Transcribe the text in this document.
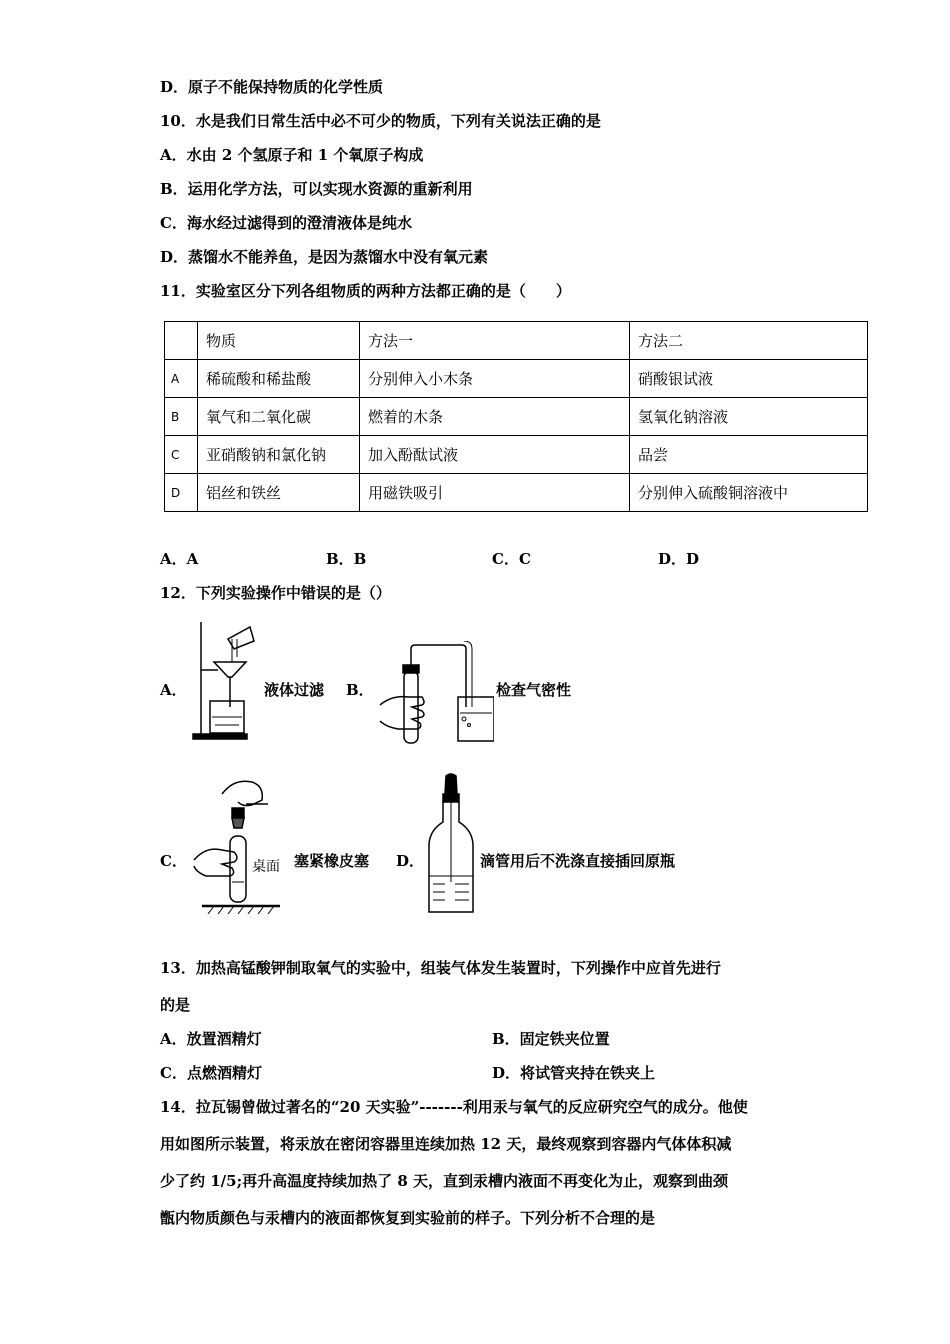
D．原子不能保持物质的化学性质
10．水是我们日常生活中必不可少的物质，下列有关说法正确的是
A．水由 2 个氢原子和 1 个氧原子构成
B．运用化学方法，可以实现水资源的重新利用
C．海水经过滤得到的澄清液体是纯水
D．蒸馏水不能养鱼，是因为蒸馏水中没有氧元素
11．实验室区分下列各组物质的两种方法都正确的是（　　）
	物质	方法一	方法二
A	稀硫酸和稀盐酸	分别伸入小木条	硝酸银试液
B	氧气和二氧化碳	燃着的木条	氢氧化钠溶液
C	亚硝酸钠和氯化钠	加入酚酞试液	品尝
D	铝丝和铁丝	用磁铁吸引	分别伸入硫酸铜溶液中
A．A	B．B	C．C	D．D
12．下列实验操作中错误的是（）
A．	液体过滤 B．	检查气密性
C．	桌面 塞紧橡皮塞 D．	滴管用后不洗涤直接插回原瓶
13．加热高锰酸钾制取氧气的实验中，组装气体发生装置时，下列操作中应首先进行
的是
A．放置酒精灯	B．固定铁夹位置
C．点燃酒精灯	D．将试管夹持在铁夹上
14．拉瓦锡曾做过著名的“20 天实验”-------利用汞与氧气的反应研究空气的成分。他使
用如图所示装置，将汞放在密闭容器里连续加热 12 天，最终观察到容器内气体体积减
少了约 1/5;再升高温度持续加热了 8 天，直到汞槽内液面不再变化为止，观察到曲颈
甑内物质颜色与汞槽内的液面都恢复到实验前的样子。下列分析不合理的是
